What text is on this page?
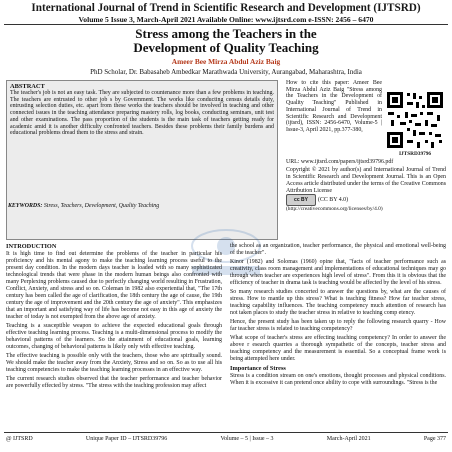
International Journal of Trend in Scientific Research and Development (IJTSRD)
Volume 5 Issue 3, March-April 2021 Available Online: www.ijtsrd.com e-ISSN: 2456 – 6470
Stress among the Teachers in the
Development of Quality Teaching
Ameer Bee Mirza Abdul Aziz Baig
PhD Scholar, Dr. Babasaheb Ambedkar Marathwada University, Aurangabad, Maharashtra, India
ABSTRACT
The teacher's job is not an easy task. They are subjected to countenance more than a few problems in teaching. The teachers are entrusted to other job s by Government. The works like conducting census details duty, entrusting selection duties, etc. apart from these works the teachers should be involved in teaching and other connected issues in the teaching attendance preparing mastery rolls, log books, conducting seminars, unit test and other examinations. The pass proportion of the students is the main task of teachers getting ready for academic amid it is another difficulty confronted teachers. Besides these problems their family burdens and educational problems dread them to the stress and strain.
KEYWORDS: Stress, Teachers, Development, Quality Teaching
How to cite this paper: Ameer Bee Mirza Abdul Aziz Baig "Stress among the Teachers in the Development of Quality Teaching" Published in International Journal of Trend in Scientific Research and Development (ijtsrd), ISSN: 2456-6470, Volume-5 | Issue-3, April 2021, pp.377-380,
IJTSRD39796
URL: www.ijtsrd.com/papers/ijtsrd39796.pdf
Copyright © 2021 by author(s) and International Journal of Trend in Scientific Research and Development Journal. This is an Open Access article distributed under the terms of the Creative Commons Attribution License
cc BY	(CC BY 4.0)
(http://creativecommons.org/licenses/by/4.0)
INTRODUCTION

It is high time to find out determine the problems of the teacher in particular his proficiency and his mental agony to make the teaching learning process useful to the present day condition. In the modern days teacher is loaded with so many sophisticated technological trends that were phase in the modern human beings also confronted with many Perplexing problems caused due to perfectly changing world resulting in Frustration, Conflict, Anxiety, and stress and so on. Coleman in 1982 also experiential that, "The 17th century has been called the age of clarification, the 18th century the age of cause, the 19th century the age of improvement and the 20th century the age of anxiety". This emphasizes that an important and satisfying way of life has become not easy in this age of anxiety the teacher of today is not exempted from the above age of anxiety.

Teaching is a susceptible weapon to achieve the expected educational goals through effective teaching learning process. Teaching is a multi-dimensional process to modify the behavioral patterns of the learners. So the attainment of educational goals, learning outcomes, changing of behavioral patterns is likely only with effective teaching.

The effective teaching is possible only with the teachers, those who are spiritually sound. We should make the teacher away from the Anxiety, Stress and so on. So as to use all his teaching competencies to make the teaching learning processes in an effective way.

The current research studies observed that the teacher performance and teacher behavior are powerfully effected by stress. "The stress with the teaching profession may affect

the school as an organization, teacher performance, the physical and emotional well-being of the teacher".

Kinor (1982) and Solomas (1960) opine that, "facts of teacher performance such as creativity, class room management and implementations of educational techniques may go through when teacher are experiences high level of stress". From this it is obvious that the efficiency of teacher in drama task is teaching would be affected by the level of his stress.

So many research studies concerted to answer the questions by, what are the causes of stress. How to mantle up this stress? What is teaching fitness? How far teacher stress, teaching capability influences. The teaching competency much attention of research has not taken places to study the teacher stress in relative to teaching comp etency.

Hence, the present study has been taken up to reply the following research quarry - How far teacher stress is related to teaching competency?

What scope of teacher's stress are effecting teaching competency? In order to answer the above r esearch quarries a thorough sympathetic of the concepts, teacher stress and teaching competency and the measurement is essential. So a conceptual frame work is being attempted here under.

Importance of Stress

Stress is a condition stream on one's emotions, thought processes and physical conditions. When it is excessive it can pretend once ability to cope with surroundings. "Stress is the

@ IJTSRD	Unique Paper ID – IJTSRD39796	Volume – 5 | Issue – 3	March-April 2021	Page 377
